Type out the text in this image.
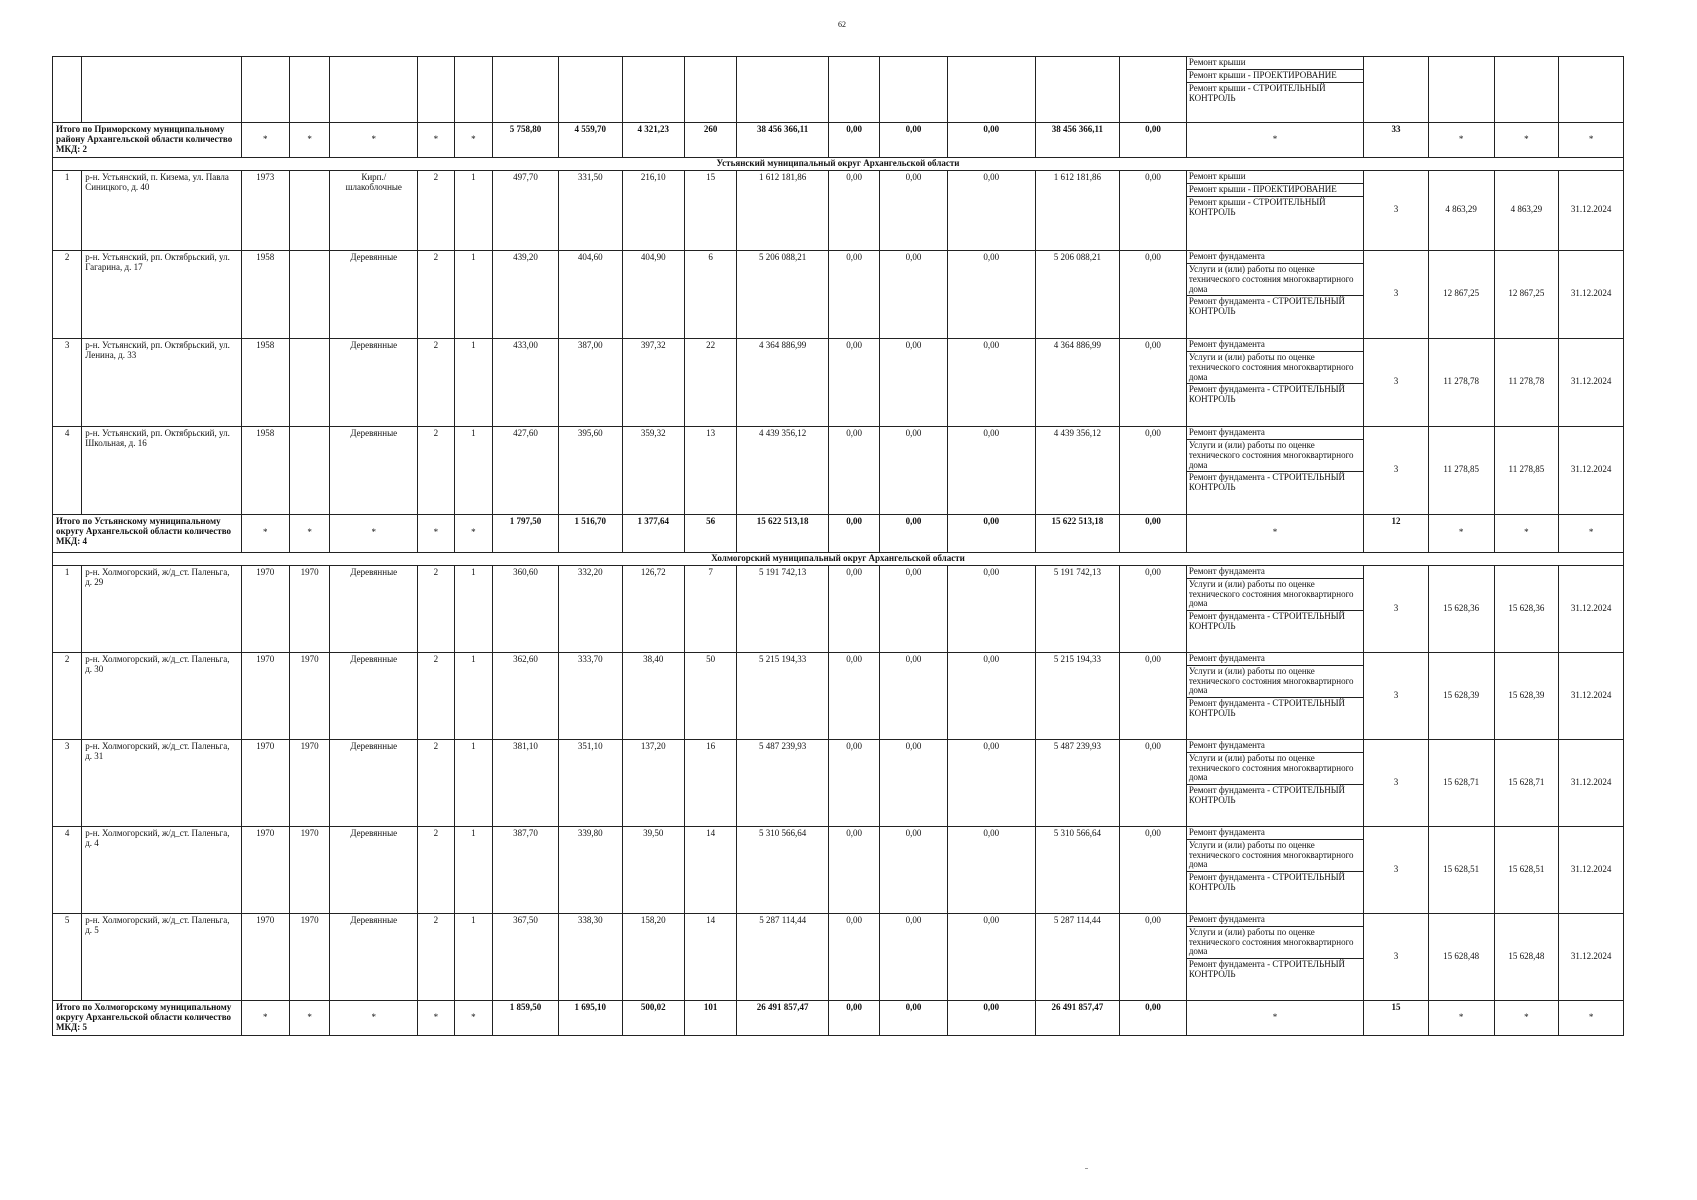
62

Ремонт крыши
Ремонт крыши - ПРОЕКТИРОВАНИЕ
Ремонт крыши - СТРОИТЕЛЬНЫЙ КОНТРОЛЬ				

Итого по Приморскому муниципальному району Архангельской области количество МКД: 2		*	*	*	*	*	5 758,80	4 559,70	4 321,23	260	38 456 366,11	0,00	0,00	0,00	38 456 366,11	0,00	*	33	*	*	*
Устьянский муниципальный округ Архангельской области																					
1	р-н. Устьянский, п. Кизема, ул. Павла Синицкого, д. 40	1973		Кирп./ шлакоблочные	2	1	497,70	331,50	216,10	15	1 612 181,86	0,00	0,00	0,00	1 612 181,86	0,00	Ремонт крыши
Ремонт крыши - ПРОЕКТИРОВАНИЕ
Ремонт крыши - СТРОИТЕЛЬНЫЙ КОНТРОЛЬ	3	4 863,29	4 863,29	31.12.2024
2	р-н. Устьянский, рп. Октябрьский, ул. Гагарина, д. 17	1958		Деревянные	2	1	439,20	404,60	404,90	6	5 206 088,21	0,00	0,00	0,00	5 206 088,21	0,00	Ремонт фундамента
Услуги и (или) работы по оценке технического состояния многоквартирного дома
Ремонт фундамента - СТРОИТЕЛЬНЫЙ КОНТРОЛЬ	3	12 867,25	12 867,25	31.12.2024
3	р-н. Устьянский, рп. Октябрьский, ул. Ленина, д. 33	1958		Деревянные	2	1	433,00	387,00	397,32	22	4 364 886,99	0,00	0,00	0,00	4 364 886,99	0,00	Ремонт фундамента
Услуги и (или) работы по оценке технического состояния многоквартирного дома
Ремонт фундамента - СТРОИТЕЛЬНЫЙ КОНТРОЛЬ	3	11 278,78	11 278,78	31.12.2024
4	р-н. Устьянский, рп. Октябрьский, ул. Школьная, д. 16	1958		Деревянные	2	1	427,60	395,60	359,32	13	4 439 356,12	0,00	0,00	0,00	4 439 356,12	0,00	Ремонт фундамента
Услуги и (или) работы по оценке технического состояния многоквартирного дома
Ремонт фундамента - СТРОИТЕЛЬНЫЙ КОНТРОЛЬ	3	11 278,85	11 278,85	31.12.2024
Итого по Устьянскому муниципальному округу Архангельской области количество МКД: 4		*	*	*	*	*	1 797,50	1 516,70	1 377,64	56	15 622 513,18	0,00	0,00	0,00	15 622 513,18	0,00	*	12	*	*	*
Холмогорский муниципальный округ Архангельской области																					
1	р-н. Холмогорский, ж/д_ст. Паленьга, д. 29	1970	1970	Деревянные	2	1	360,60	332,20	126,72	7	5 191 742,13	0,00	0,00	0,00	5 191 742,13	0,00	Ремонт фундамента
Услуги и (или) работы по оценке технического состояния многоквартирного дома
Ремонт фундамента - СТРОИТЕЛЬНЫЙ КОНТРОЛЬ	3	15 628,36	15 628,36	31.12.2024
2	р-н. Холмогорский, ж/д_ст. Паленьга, д. 30	1970	1970	Деревянные	2	1	362,60	333,70	38,40	50	5 215 194,33	0,00	0,00	0,00	5 215 194,33	0,00	Ремонт фундамента
Услуги и (или) работы по оценке технического состояния многоквартирного дома
Ремонт фундамента - СТРОИТЕЛЬНЫЙ КОНТРОЛЬ	3	15 628,39	15 628,39	31.12.2024
3	р-н. Холмогорский, ж/д_ст. Паленьга, д. 31	1970	1970	Деревянные	2	1	381,10	351,10	137,20	16	5 487 239,93	0,00	0,00	0,00	5 487 239,93	0,00	Ремонт фундамента
Услуги и (или) работы по оценке технического состояния многоквартирного дома
Ремонт фундамента - СТРОИТЕЛЬНЫЙ КОНТРОЛЬ	3	15 628,71	15 628,71	31.12.2024
4	р-н. Холмогорский, ж/д_ст. Паленьга, д. 4	1970	1970	Деревянные	2	1	387,70	339,80	39,50	14	5 310 566,64	0,00	0,00	0,00	5 310 566,64	0,00	Ремонт фундамента
Услуги и (или) работы по оценке технического состояния многоквартирного дома
Ремонт фундамента - СТРОИТЕЛЬНЫЙ КОНТРОЛЬ	3	15 628,51	15 628,51	31.12.2024
5	р-н. Холмогорский, ж/д_ст. Паленьга, д. 5	1970	1970	Деревянные	2	1	367,50	338,30	158,20	14	5 287 114,44	0,00	0,00	0,00	5 287 114,44	0,00	Ремонт фундамента
Услуги и (или) работы по оценке технического состояния многоквартирного дома
Ремонт фундамента - СТРОИТЕЛЬНЫЙ КОНТРОЛЬ	3	15 628,48	15 628,48	31.12.2024
Итого по Холмогорскому муниципальному округу Архангельской области количество МКД: 5		*	*	*	*	*	1 859,50	1 695,10	500,02	101	26 491 857,47	0,00	0,00	0,00	26 491 857,47	0,00	*	15	*	*	*
